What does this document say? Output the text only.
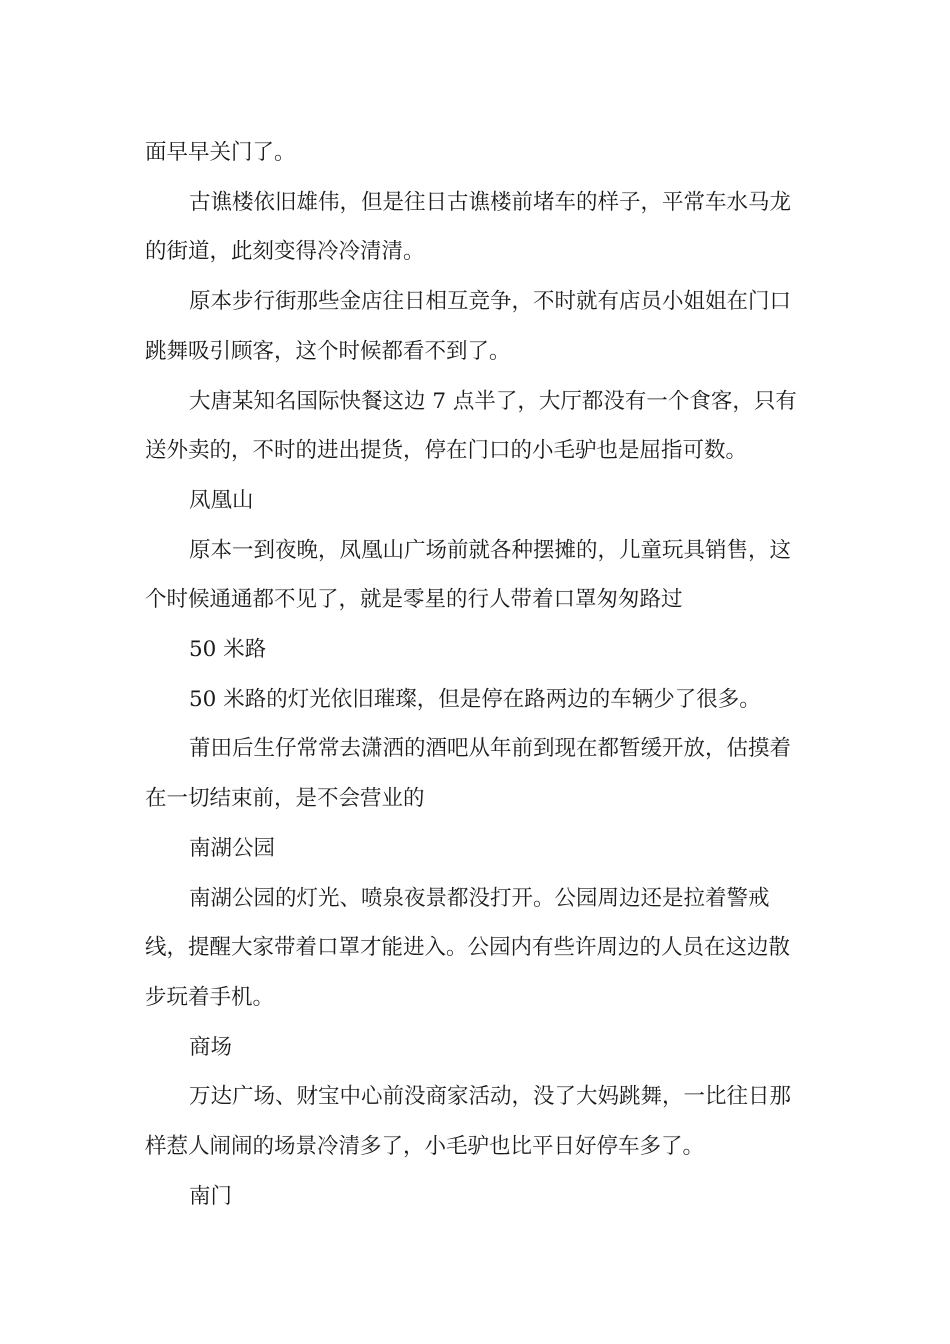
面早早关门了。

古谯楼依旧雄伟，但是往日古谯楼前堵车的样子，平常车水马龙的街道，此刻变得冷冷清清。

原本步行街那些金店往日相互竞争，不时就有店员小姐姐在门口跳舞吸引顾客，这个时候都看不到了。

大唐某知名国际快餐这边 7 点半了，大厅都没有一个食客，只有送外卖的，不时的进出提货，停在门口的小毛驴也是屈指可数。

凤凰山

原本一到夜晚，凤凰山广场前就各种摆摊的，儿童玩具销售，这个时候通通都不见了，就是零星的行人带着口罩匆匆路过

50 米路

50 米路的灯光依旧璀璨，但是停在路两边的车辆少了很多。

莆田后生仔常常去潇洒的酒吧从年前到现在都暂缓开放，估摸着在一切结束前，是不会营业的

南湖公园

南湖公园的灯光、喷泉夜景都没打开。公园周边还是拉着警戒线，提醒大家带着口罩才能进入。公园内有些许周边的人员在这边散步玩着手机。

商场

万达广场、财宝中心前没商家活动，没了大妈跳舞，一比往日那样惹人闹闹的场景冷清多了，小毛驴也比平日好停车多了。

南门
